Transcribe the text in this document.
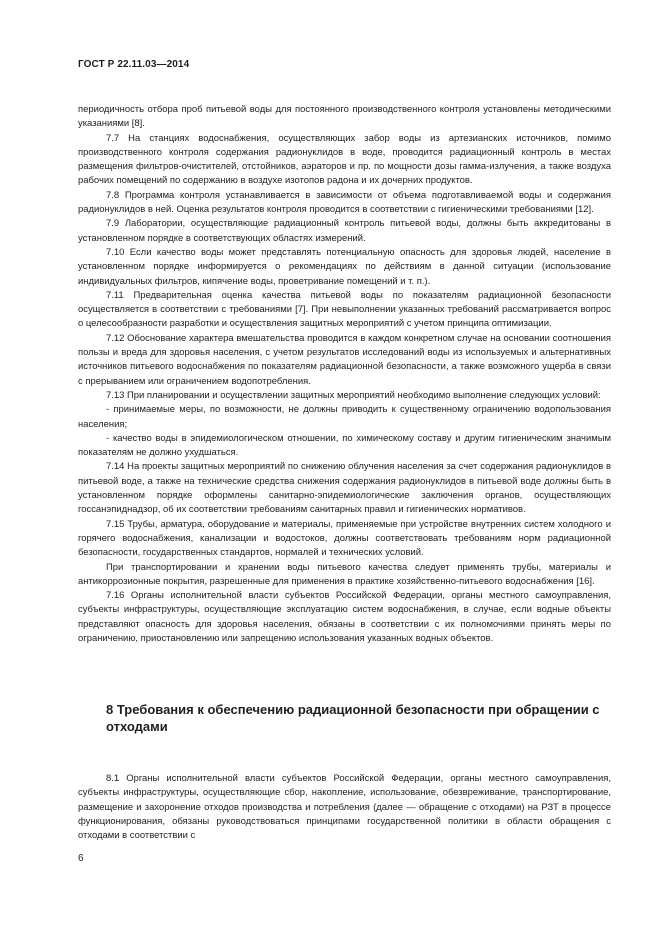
ГОСТ Р 22.11.03—2014

периодичность отбора проб питьевой воды для постоянного производственного контроля установлены методическими указаниями [8].

7.7 На станциях водоснабжения, осуществляющих забор воды из артезианских источников, помимо производственного контроля содержания радионуклидов в воде, проводится радиационный контроль в местах размещения фильтров-очистителей, отстойников, аэраторов и пр. по мощности дозы гамма-излучения, а также воздуха рабочих помещений по содержанию в воздухе изотопов радона и их дочерних продуктов.

7.8 Программа контроля устанавливается в зависимости от объема подготавливаемой воды и содержания радионуклидов в ней. Оценка результатов контроля проводится в соответствии с гигиеническими требованиями [12].

7.9 Лаборатории, осуществляющие радиационный контроль питьевой воды, должны быть аккредитованы в установленном порядке в соответствующих областях измерений.

7.10 Если качество воды может представлять потенциальную опасность для здоровья людей, население в установленном порядке информируется о рекомендациях по действиям в данной ситуации (использование индивидуальных фильтров, кипячение воды, проветривание помещений и т. п.).

7.11 Предварительная оценка качества питьевой воды по показателям радиационной безопасности осуществляется в соответствии с требованиями [7]. При невыполнении указанных требований рассматривается вопрос о целесообразности разработки и осуществления защитных мероприятий с учетом принципа оптимизации.

7.12 Обоснование характера вмешательства проводится в каждом конкретном случае на основании соотношения пользы и вреда для здоровья населения, с учетом результатов исследований воды из используемых и альтернативных источников питьевого водоснабжения по показателям радиационной безопасности, а также возможного ущерба в связи с прерыванием или ограничением водопотребления.

7.13 При планировании и осуществлении защитных мероприятий необходимо выполнение следующих условий:

- принимаемые меры, по возможности, не должны приводить к существенному ограничению водопользования населения;

- качество воды в эпидемиологическом отношении, по химическому составу и другим гигиеническим значимым показателям не должно ухудшаться.

7.14 На проекты защитных мероприятий по снижению облучения населения за счет содержания радионуклидов в питьевой воде, а также на технические средства снижения содержания радионуклидов в питьевой воде должны быть в установленном порядке оформлены санитарно-эпидемиологические заключения органов, осуществляющих госсанэпиднадзор, об их соответствии требованиям санитарных правил и гигиенических нормативов.

7.15 Трубы, арматура, оборудование и материалы, применяемые при устройстве внутренних систем холодного и горячего водоснабжения, канализации и водостоков, должны соответствовать требованиям норм радиационной безопасности, государственных стандартов, нормалей и технических условий.

При транспортировании и хранении воды питьевого качества следует применять трубы, материалы и антикоррозионные покрытия, разрешенные для применения в практике хозяйственно-питьевого водоснабжения [16].

7.16 Органы исполнительной власти субъектов Российской Федерации, органы местного самоуправления, субъекты инфраструктуры, осуществляющие эксплуатацию систем водоснабжения, в случае, если водные объекты представляют опасность для здоровья населения, обязаны в соответствии с их полномочиями принять меры по ограничению, приостановлению или запрещению использования указанных водных объектов.

8 Требования к обеспечению радиационной безопасности при обращении с отходами

8.1 Органы исполнительной власти субъектов Российской Федерации, органы местного самоуправления, субъекты инфраструктуры, осуществляющие сбор, накопление, использование, обезвреживание, транспортирование, размещение и захоронение отходов производства и потребления (далее — обращение с отходами) на РЗТ в процессе функционирования, обязаны руководствоваться принципами государственной политики в области обращения с отходами в соответствии с

6
